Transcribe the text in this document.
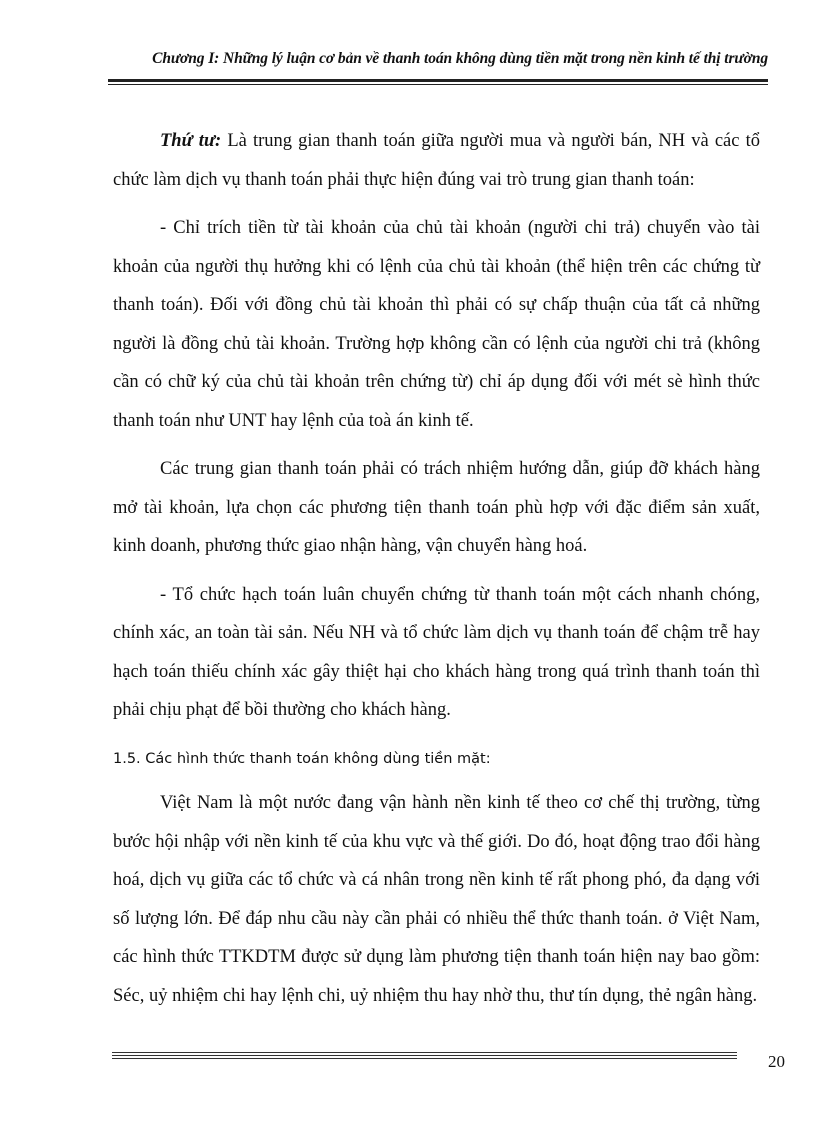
Chương I: Những lý luận cơ bản về thanh toán không dùng tiền mặt trong nền kinh tế thị trường

Thứ tư: Là trung gian thanh toán giữa người mua và người bán, NH và các tổ chức làm dịch vụ thanh toán phải thực hiện đúng vai trò trung gian thanh toán:

- Chỉ trích tiền từ tài khoản của chủ tài khoản (người chi trả) chuyển vào tài khoản của người thụ hưởng khi có lệnh của chủ tài khoản (thể hiện trên các chứng từ thanh toán). Đối với đồng chủ tài khoản thì phải có sự chấp thuận của tất cả những người là đồng chủ tài khoản. Trường hợp không cần có lệnh của người chi trả (không cần có chữ ký của chủ tài khoản trên chứng từ) chỉ áp dụng đối với mét sè hình thức thanh toán như UNT hay lệnh của toà án kinh tế.

Các trung gian thanh toán phải có trách nhiệm hướng dẫn, giúp đỡ khách hàng mở tài khoản, lựa chọn các phương tiện thanh toán phù hợp với đặc điểm sản xuất, kinh doanh, phương thức giao nhận hàng, vận chuyển hàng hoá.

- Tổ chức hạch toán luân chuyển chứng từ thanh toán một cách nhanh chóng, chính xác, an toàn tài sản. Nếu NH và tổ chức làm dịch vụ thanh toán để chậm trễ hay hạch toán thiếu chính xác gây thiệt hại cho khách hàng trong quá trình thanh toán thì phải chịu phạt để bồi thường cho khách hàng.

1.5. Các hình thức thanh toán không dùng tiền mặt:

Việt Nam là một nước đang vận hành nền kinh tế theo cơ chế thị trường, từng bước hội nhập với nền kinh tế của khu vực và thế giới. Do đó, hoạt động trao đổi hàng hoá, dịch vụ giữa các tổ chức và cá nhân trong nền kinh tế rất phong phó, đa dạng với số lượng lớn. Để đáp nhu cầu này cần phải có nhiều thể thức thanh toán. ở Việt Nam, các hình thức TTKDTM được sử dụng làm phương tiện thanh toán hiện nay bao gồm: Séc, uỷ nhiệm chi hay lệnh chi, uỷ nhiệm thu hay nhờ thu, thư tín dụng, thẻ ngân hàng.

20
